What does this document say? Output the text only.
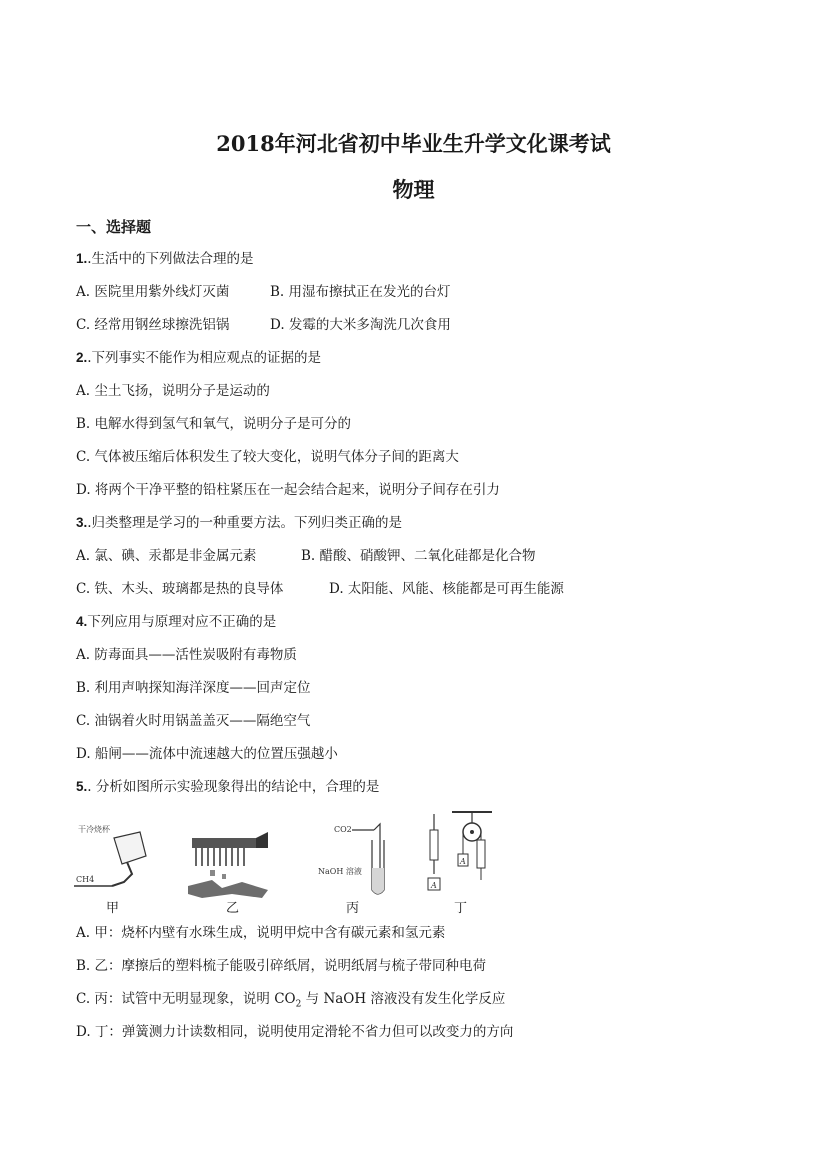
2018年河北省初中毕业生升学文化课考试
物理
一、选择题
1..生活中的下列做法合理的是
A. 医院里用紫外线灯灭菌	B. 用湿布擦拭正在发光的台灯
C. 经常用钢丝球擦洗铝锅	D. 发霉的大米多淘洗几次食用
2..下列事实不能作为相应观点的证据的是
A. 尘土飞扬，说明分子是运动的
B. 电解水得到氢气和氧气，说明分子是可分的
C. 气体被压缩后体积发生了较大变化，说明气体分子间的距离大
D. 将两个干净平整的铅柱紧压在一起会结合起来，说明分子间存在引力
3..归类整理是学习的一种重要方法。下列归类正确的是
A. 氯、碘、汞都是非金属元素	B. 醋酸、硝酸钾、二氧化硅都是化合物
C. 铁、木头、玻璃都是热的良导体	D. 太阳能、风能、核能都是可再生能源
4.下列应用与原理对应不正确的是
A. 防毒面具——活性炭吸附有毒物质
B. 利用声呐探知海洋深度——回声定位
C. 油锅着火时用锅盖盖灭——隔绝空气
D. 船闸——流体中流速越大的位置压强越小
5.. 分析如图所示实验现象得出的结论中，合理的是
干冷烧杯
CH4
CO2
NaOH 溶液
A
A
甲	乙	丙	丁
A. 甲：烧杯内壁有水珠生成，说明甲烷中含有碳元素和氢元素
B. 乙：摩擦后的塑料梳子能吸引碎纸屑，说明纸屑与梳子带同种电荷
C. 丙：试管中无明显现象，说明 $CO_2$ 与 NaOH 溶液没有发生化学反应
D. 丁：弹簧测力计读数相同，说明使用定滑轮不省力但可以改变力的方向
